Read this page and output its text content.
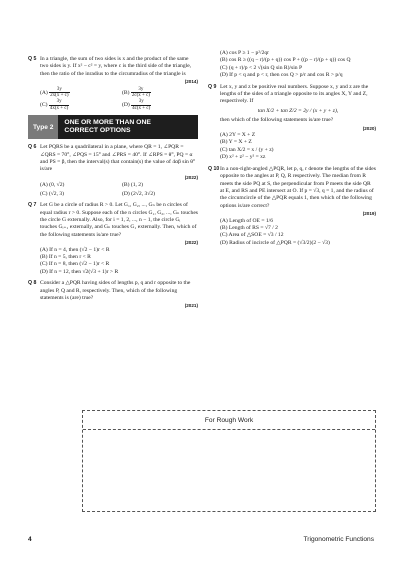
Q 5 In a triangle, the sum of two sides is x and the product of the same two sides is y. If x² − c² = y, where c is the third side of the triangle, then the ratio of the inradius to the circumradius of the triangle is
(2014)
$(A) \frac{3y}{2x(x + c)}$	$(B) \frac{3y}{2c(x + c)}$
$(C) \frac{3y}{4x(x + c)}$	$(D) \frac{3y}{4c(x + c)}$
Type 2
ONE OR MORE THAN ONE
CORRECT OPTIONS
Q 6 Let PQRS be a quadrilateral in a plane, where QR = 1, ∠PQR = ∠QRS = 70°, ∠PQS = 15° and ∠PRS = 40°. If ∠RPS = θ°, PQ = α and PS = β, then the interval(s) that contain(s) the value of 4αβ sin θ° is/are
(2022)
(A) (0, √2)	(B) (1, 2)
(C) (√2, 3)	(D) (2√2, 3√2)
Q 7 Let G be a circle of radius R > 0. Let G₁, G₂, ..., Gₙ be n circles of equal radius r > 0. Suppose each of the n circles G₁, G₂, ..., Gₙ touches the circle G externally. Also, for i = 1, 2, ..., n − 1, the circle Gᵢ touches Gᵢ₊₁ externally, and Gₙ touches G₁ externally. Then, which of the following statements is/are true?
(2022)
(A) If n = 4, then (√2 − 1)r < R
(B) If n = 5, then r < R
(C) If n = 8, then (√2 − 1)r < R
(D) If n = 12, then √2(√3 + 1)r > R
Q 8 Consider a △PQR having sides of lengths p, q and r opposite to the angles P, Q and R, respectively. Then, which of the following statements is (are) true?
(2021)
(A) cos P ≥ 1 − p²/2qr
(B) cos R ≥ ((q − r)/(p + q)) cos P + ((p − r)/(p + q)) cos Q
(C) (q + r)/p < 2 √(sin Q sin R)/sin P
(D) If p < q and p < r, then cos Q > p/r and cos R > p/q
Q 9 Let x, y and z be positive real numbers. Suppose x, y and z are the lengths of the sides of a triangle opposite to its angles X, Y and Z, respectively. If
tan X/2 + tan Z/2 = 2y / (x + y + z),
then which of the following statements is/are true?
(2020)
(A) 2Y = X + Z
(B) Y = X + Z
(C) tan X/2 = x / (y + z)
(D) x² + z² − y² = xz
Q 10 In a non-right-angled △PQR, let p, q, r denote the lengths of the sides opposite to the angles at P, Q, R respectively. The median from R meets the side PQ at S, the perpendicular from P meets the side QR at E, and RS and PE intersect at O. If p = √3, q = 1, and the radius of the circumcircle of the △PQR equals 1, then which of the following options is/are correct?
(2019)
(A) Length of OE = 1/6
(B) Length of RS = √7 / 2
(C) Area of △SOE = √3 / 12
(D) Radius of incircle of △PQR = (√3/2)(2 − √3)
For Rough Work
4	Trigonometric Functions
